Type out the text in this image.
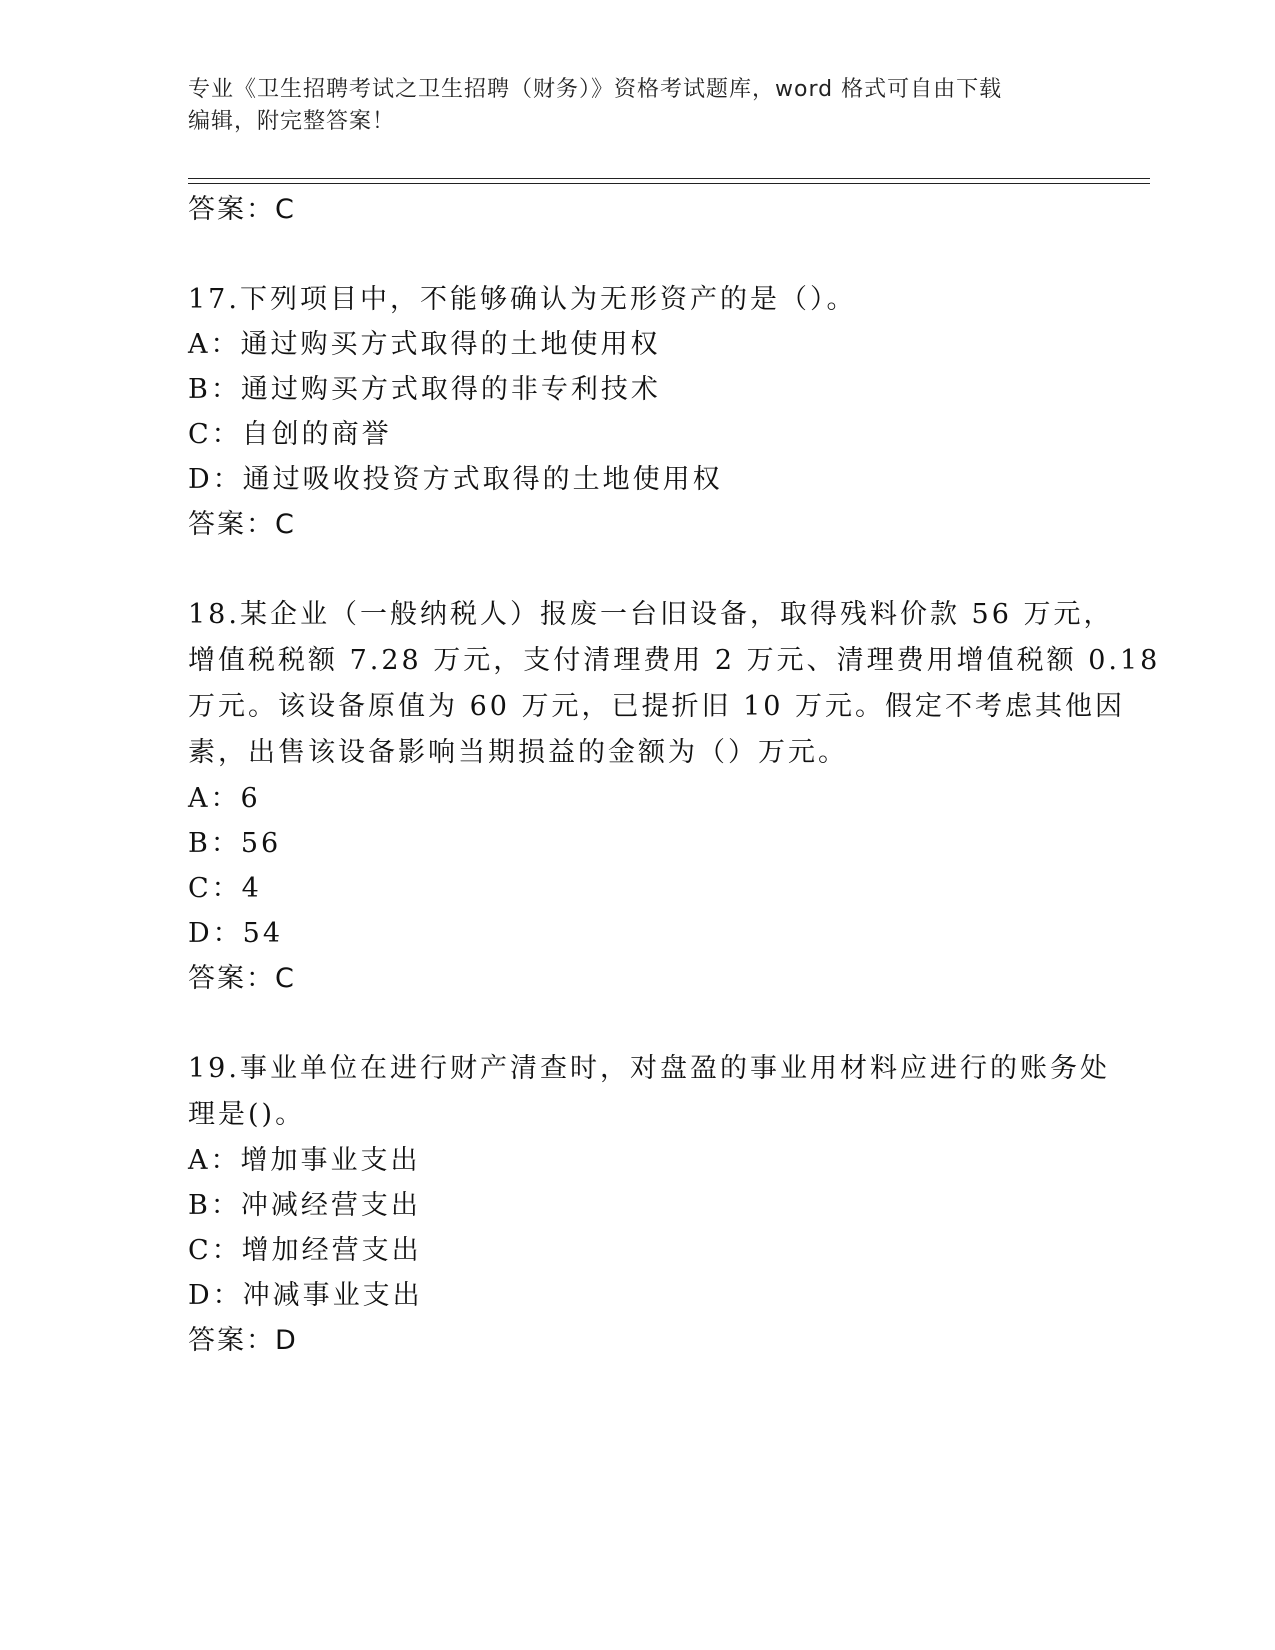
专业《卫生招聘考试之卫生招聘（财务）》资格考试题库，word 格式可自由下载
编辑，附完整答案！
答案：C
17.下列项目中，不能够确认为无形资产的是（）。
A：通过购买方式取得的土地使用权
B：通过购买方式取得的非专利技术
C：自创的商誉
D：通过吸收投资方式取得的土地使用权
答案：C
18.某企业（一般纳税人）报废一台旧设备，取得残料价款 56 万元，
增值税税额 7.28 万元，支付清理费用 2 万元、清理费用增值税额 0.18
万元。该设备原值为 60 万元，已提折旧 10 万元。假定不考虑其他因
素，出售该设备影响当期损益的金额为（）万元。
A：6
B：56
C：4
D：54
答案：C
19.事业单位在进行财产清查时，对盘盈的事业用材料应进行的账务处
理是()。
A：增加事业支出
B：冲减经营支出
C：增加经营支出
D：冲减事业支出
答案：D
